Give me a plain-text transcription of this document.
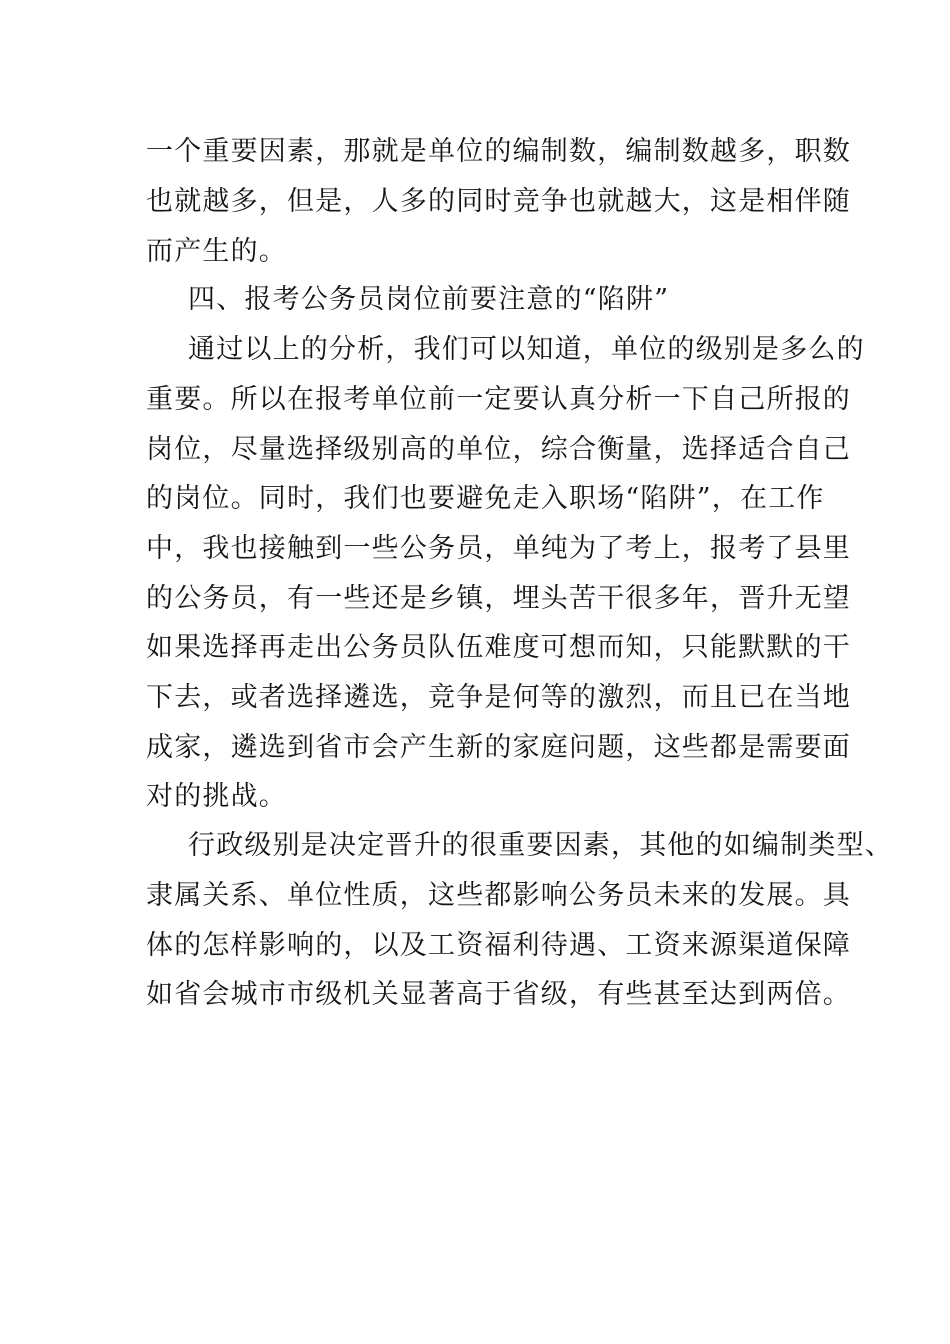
一个重要因素，那就是单位的编制数，编制数越多，职数
也就越多，但是，人多的同时竞争也就越大，这是相伴随
而产生的。
四、报考公务员岗位前要注意的“陷阱”
通过以上的分析，我们可以知道，单位的级别是多么的
重要。所以在报考单位前一定要认真分析一下自己所报的
岗位，尽量选择级别高的单位，综合衡量，选择适合自己
的岗位。同时，我们也要避免走入职场“陷阱”，在工作
中，我也接触到一些公务员，单纯为了考上，报考了县里
的公务员，有一些还是乡镇，埋头苦干很多年，晋升无望
如果选择再走出公务员队伍难度可想而知，只能默默的干
下去，或者选择遴选，竞争是何等的激烈，而且已在当地
成家，遴选到省市会产生新的家庭问题，这些都是需要面
对的挑战。
行政级别是决定晋升的很重要因素，其他的如编制类型、
隶属关系、单位性质，这些都影响公务员未来的发展。具
体的怎样影响的，以及工资福利待遇、工资来源渠道保障
如省会城市市级机关显著高于省级，有些甚至达到两倍。
